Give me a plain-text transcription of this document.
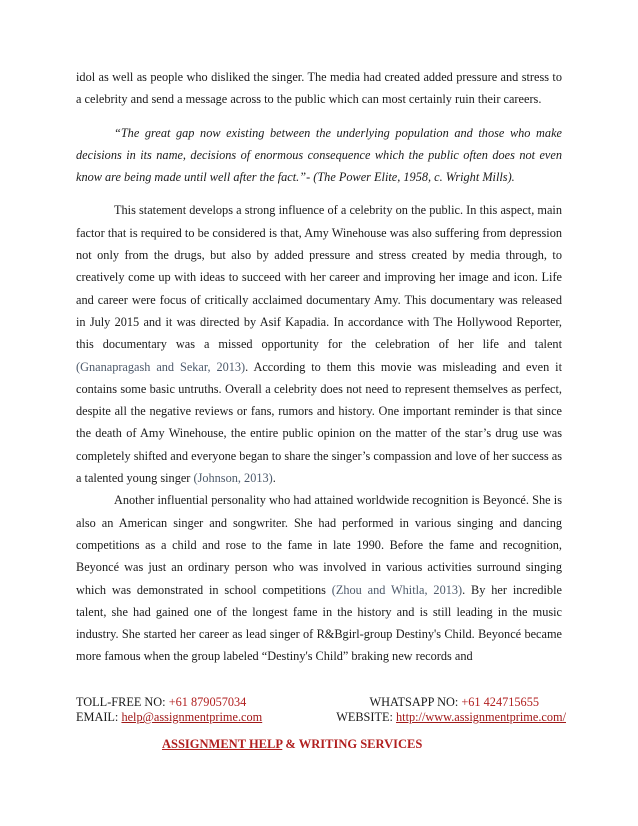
idol as well as people who disliked the singer. The media had created added pressure and stress to a celebrity and send a message across to the public which can most certainly ruin their careers.

“The great gap now existing between the underlying population and those who make decisions in its name, decisions of enormous consequence which the public often does not even know are being made until well after the fact.”- (The Power Elite, 1958, c. Wright Mills).

This statement develops a strong influence of a celebrity on the public. In this aspect, main factor that is required to be considered is that, Amy Winehouse was also suffering from depression not only from the drugs, but also by added pressure and stress created by media through, to creatively come up with ideas to succeed with her career and improving her image and icon. Life and career were focus of critically acclaimed documentary Amy. This documentary was released in July 2015 and it was directed by Asif Kapadia. In accordance with The Hollywood Reporter, this documentary was a missed opportunity for the celebration of her life and talent (Gnanapragash and Sekar, 2013). According to them this movie was misleading and even it contains some basic untruths. Overall a celebrity does not need to represent themselves as perfect, despite all the negative reviews or fans, rumors and history. One important reminder is that since the death of Amy Winehouse, the entire public opinion on the matter of the star’s drug use was completely shifted and everyone began to share the singer’s compassion and love of her success as a talented young singer (Johnson, 2013).

Another influential personality who had attained worldwide recognition is Beyoncé. She is also an American singer and songwriter. She had performed in various singing and dancing competitions as a child and rose to the fame in late 1990. Before the fame and recognition, Beyoncé was just an ordinary person who was involved in various activities surround singing which was demonstrated in school competitions (Zhou and Whitla, 2013). By her incredible talent, she had gained one of the longest fame in the history and is still leading in the music industry. She started her career as lead singer of R&Bgirl-group Destiny's Child. Beyoncé became more famous when the group labeled “Destiny's Child” braking new records and

TOLL-FREE NO: +61 879057034	WHATSAPP NO: +61 424715655
EMAIL: help@assignmentprime.com	WEBSITE: http://www.assignmentprime.com/
ASSIGNMENT HELP & WRITING SERVICES
